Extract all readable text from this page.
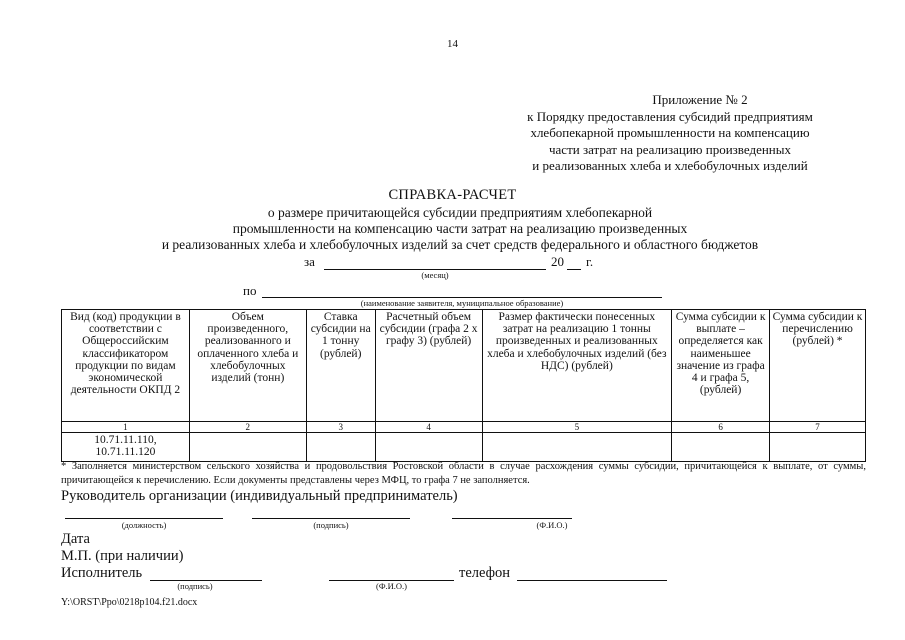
14
Приложение № 2
к Порядку предоставления субсидий предприятиям
хлебопекарной промышленности на компенсацию
части затрат на реализацию произведенных
и реализованных хлеба и хлебобулочных изделий
СПРАВКА-РАСЧЕТ
о размере причитающейся субсидии предприятиям хлебопекарной
промышленности на компенсацию части затрат на реализацию произведенных
и реализованных хлеба и хлебобулочных изделий за счет средств федерального и областного бюджетов
за	20 г.
(месяц)
по
(наименование заявителя, муниципальное образование)
Вид (код) продукции в соответствии с Общероссийским классификатором продукции по видам экономической деятельности ОКПД 2	Объем произведенного, реализованного и оплаченного хлеба и хлебобулочных изделий (тонн)	Ставка субсидии на 1 тонну (рублей)	Расчетный объем субсидии (графа 2 х графу 3) (рублей)	Размер фактически понесенных затрат на реализацию 1 тонны произведенных и реализованных хлеба и хлебобулочных изделий (без НДС) (рублей)	Сумма субсидии к выплате – определяется как наименьшее значение из графа 4 и графа 5, (рублей)	Сумма субсидии к перечислению (рублей) *
1	2	3	4	5	6	7
10.71.11.110, 10.71.11.120						
* Заполняется министерством сельского хозяйства и продовольствия Ростовской области в случае расхождения суммы субсидии, причитающейся к выплате, от суммы, причитающейся к перечислению. Если документы представлены через МФЦ, то графа 7 не заполняется.
Руководитель организации (индивидуальный предприниматель)
(должность)	(подпись)	(Ф.И.О.)
Дата
М.П. (при наличии)
Исполнитель
(подпись)	(Ф.И.О.)
телефон
Y:\ORST\Ppo\0218p104.f21.docx
